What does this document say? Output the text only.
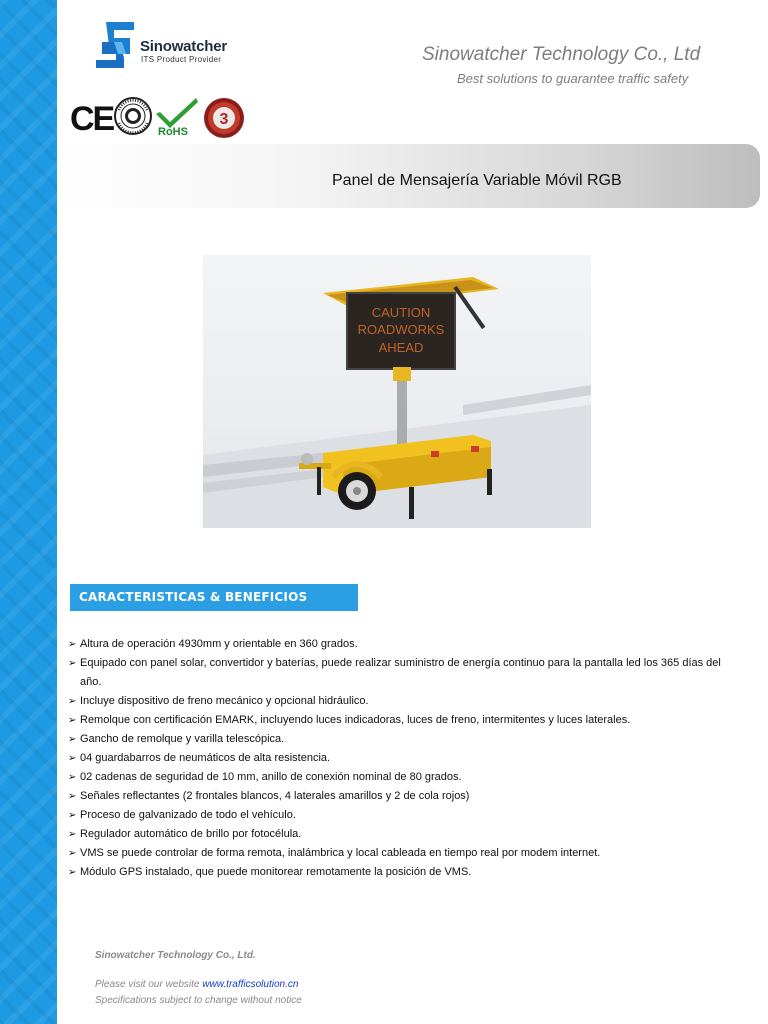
Sinowatcher
ITS Product Provider	Sinowatcher Technology Co., Ltd
Best solutions to guarantee traffic safety
CE	RoHS
3
Panel de Mensajería Variable Móvil RGB
CAUTION
ROADWORKS
AHEAD
CARACTERISTICAS & BENEFICIOS
➢ Altura de operación 4930mm y orientable en 360 grados.
➢ Equipado con panel solar, convertidor y baterías, puede realizar suministro de energía continuo para la pantalla led los 365 días del año.
➢ Incluye dispositivo de freno mecánico y opcional hidráulico.
➢ Remolque con certificación EMARK, incluyendo luces indicadoras, luces de freno, intermitentes y luces laterales.
➢ Gancho de remolque y varilla telescópica.
➢ 04 guardabarros de neumáticos de alta resistencia.
➢ 02 cadenas de seguridad de 10 mm, anillo de conexión nominal de 80 grados.
➢ Señales reflectantes (2 frontales blancos, 4 laterales amarillos y 2 de cola rojos)
➢ Proceso de galvanizado de todo el vehículo.
➢ Regulador automático de brillo por fotocélula.
➢ VMS se puede controlar de forma remota, inalámbrica y local cableada en tiempo real por modem internet.
➢ Módulo GPS instalado, que puede monitorear remotamente la posición de VMS.
Sinowatcher Technology Co., Ltd.
Please visit our website www.trafficsolution.cn
Specifications subject to change without notice
